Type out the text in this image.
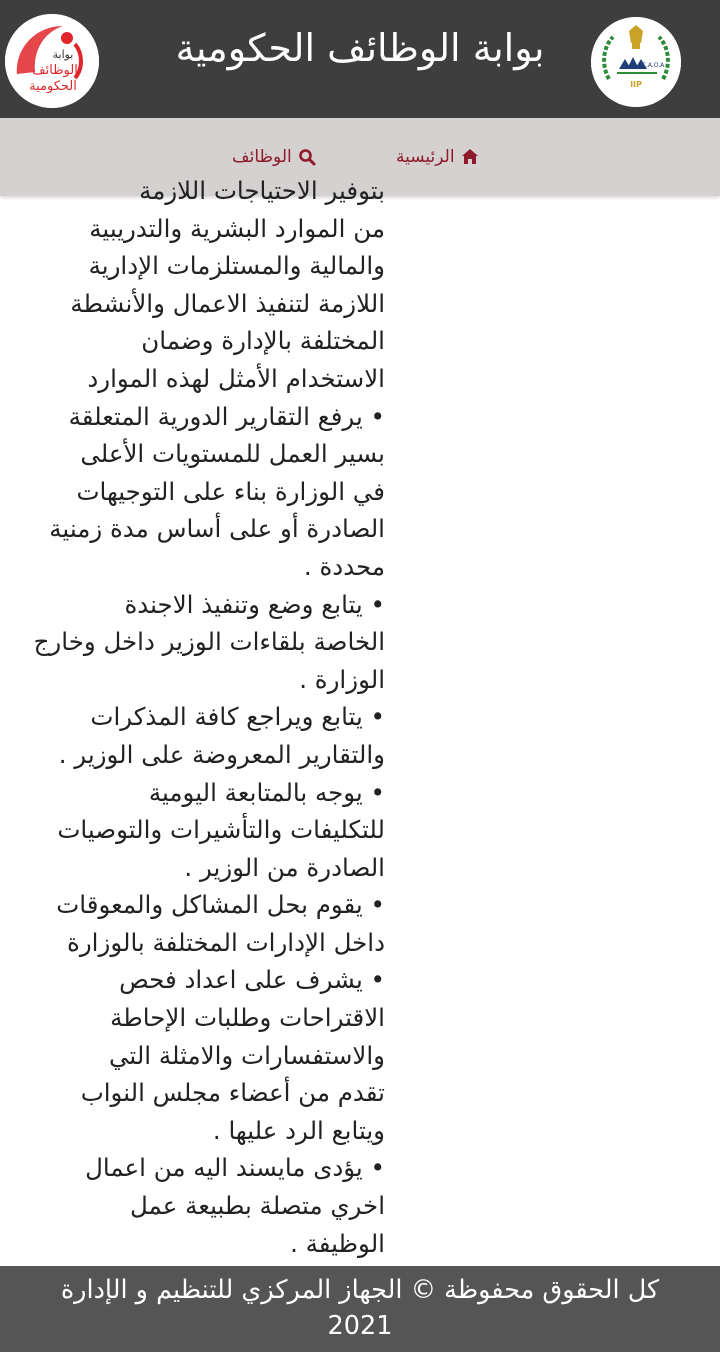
بوابة
الوظائف
الحكومية
بوابة الوظائف الحكومية	C.A.O.A
IIP
الرئيسية
الوظائف

بتوفير الاحتياجات اللازمة

من الموارد البشرية والتدريبية

والمالية والمستلزمات الإدارية

اللازمة لتنفيذ الاعمال والأنشطة

المختلفة بالإدارة وضمان

الاستخدام الأمثل لهذه الموارد

• يرفع التقارير الدورية المتعلقة

بسير العمل للمستويات الأعلى

في الوزارة بناء على التوجيهات

الصادرة أو على أساس مدة زمنية

محددة .

• يتابع وضع وتنفيذ الاجندة

الخاصة بلقاءات الوزير داخل وخارج

الوزارة .

• يتابع ويراجع كافة المذكرات

والتقارير المعروضة على الوزير .

• يوجه بالمتابعة اليومية

للتكليفات والتأشيرات والتوصيات

الصادرة من الوزير .

• يقوم بحل المشاكل والمعوقات

داخل الإدارات المختلفة بالوزارة

• يشرف على اعداد فحص

الاقتراحات وطلبات الإحاطة

والاستفسارات والامثلة التي

تقدم من أعضاء مجلس النواب

ويتابع الرد عليها .

• يؤدى مايسند اليه من اعمال

اخري متصلة بطبيعة عمل

الوظيفة .

كل الحقوق محفوظة © الجهاز المركزي للتنظيم و الإدارة 2021
